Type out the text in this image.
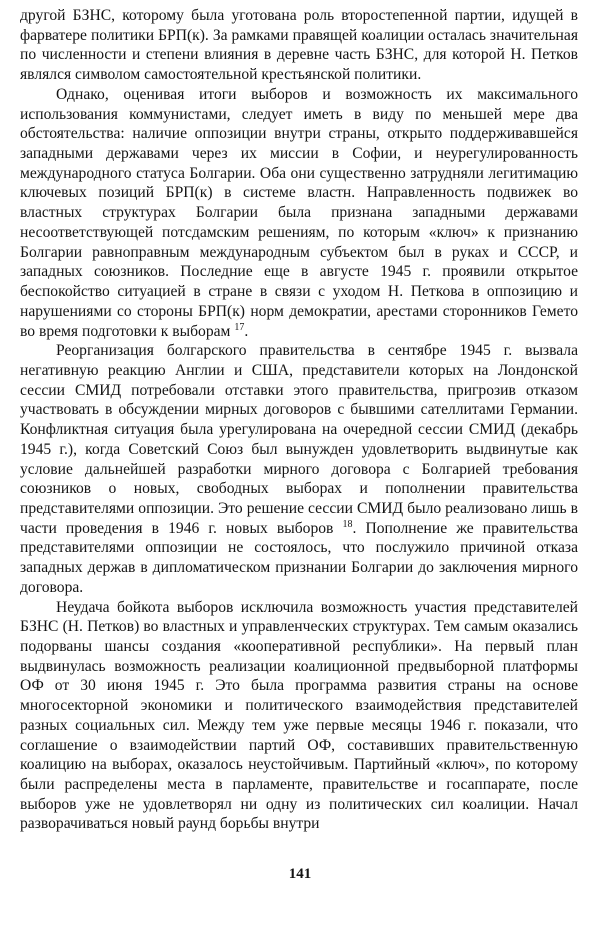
другой БЗНС, которому была уготована роль второстепенной партии, идущей в фарватере политики БРП(к). За рамками правящей коалиции осталась значительная по численности и степени влияния в деревне часть БЗНС, для которой Н. Петков являлся символом самостоятельной крестьянской политики.

Однако, оценивая итоги выборов и возможность их максимального использования коммунистами, следует иметь в виду по меньшей мере два обстоятельства: наличие оппозиции внутри страны, открыто поддерживавшейся западными державами через их миссии в Софии, и неурегулированность международного статуса Болгарии. Оба они существенно затрудняли легитимацию ключевых позиций БРП(к) в системе властн. Направленность подвижек во властных структурах Болгарии была признана западными державами несоответствующей потсдамским решениям, по которым «ключ» к признанию Болгарии равноправным международным субъектом был в руках и СССР, и западных союзников. Последние еще в августе 1945 г. проявили открытое беспокойство ситуацией в стране в связи с уходом Н. Петкова в оппозицию и нарушениями со стороны БРП(к) норм демократии, арестами сторонников Гемето во время подготовки к выборам $^{17}$.

Реорганизация болгарского правительства в сентябре 1945 г. вызвала негативную реакцию Англии и США, представители которых на Лондонской сессии СМИД потребовали отставки этого правительства, пригрозив отказом участвовать в обсуждении мирных договоров с бывшими сателлитами Германии. Конфликтная ситуация была урегулирована на очередной сессии СМИД (декабрь 1945 г.), когда Советский Союз был вынужден удовлетворить выдвинутые как условие дальнейшей разработки мирного договора с Болгарией требования союзников о новых, свободных выборах и пополнении правительства представителями оппозиции. Это решение сессии СМИД было реализовано лишь в части проведения в 1946 г. новых выборов $^{18}$. Пополнение же правительства представителями оппозиции не состоялось, что послужило причиной отказа западных держав в дипломатическом признании Болгарии до заключения мирного договора.

Неудача бойкота выборов исключила возможность участия представителей БЗНС (Н. Петков) во властных и управленческих структурах. Тем самым оказались подорваны шансы создания «кооперативной республики». На первый план выдвинулась возможность реализации коалиционной предвыборной платформы ОФ от 30 июня 1945 г. Это была программа развития страны на основе многосекторной экономики и политического взаимодействия представителей разных социальных сил. Между тем уже первые месяцы 1946 г. показали, что соглашение о взаимодействии партий ОФ, составивших правительственную коалицию на выборах, оказалось неустойчивым. Партийный «ключ», по которому были распределены места в парламенте, правительстве и госаппарате, после выборов уже не удовлетворял ни одну из политических сил коалиции. Начал разворачиваться новый раунд борьбы внутри

141
